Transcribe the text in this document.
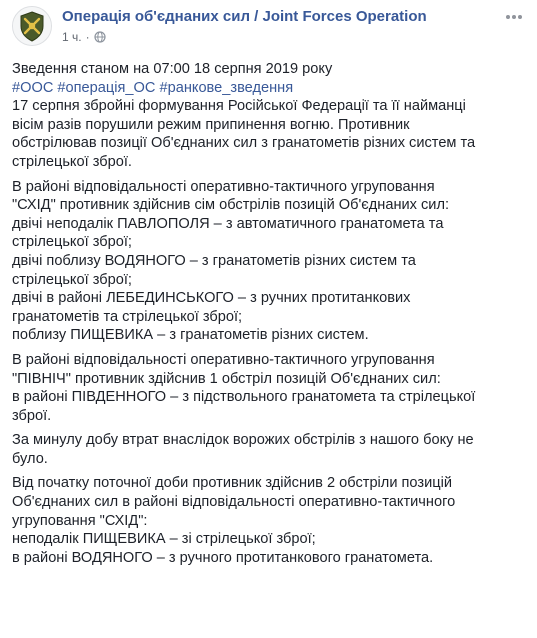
Операція об'єднаних сил / Joint Forces Operation
1 ч. ·
Зведення станом на 07:00 18 серпня 2019 року
#ООС #операція_ОС #ранкове_зведення

17 серпня збройні формування Російської Федерації та її найманці
вісім разів порушили режим припинення вогню. Противник
обстрілював позиції Об'єднаних сил з гранатометів різних систем та
стрілецької зброї.

В районі відповідальності оперативно-тактичного угруповання
"СХІД" противник здійснив сім обстрілів позицій Об'єднаних сил:
двічі неподалік ПАВЛОПОЛЯ – з автоматичного гранатомета та
стрілецької зброї;
двічі поблизу ВОДЯНОГО – з гранатометів різних систем та
стрілецької зброї;
двічі в районі ЛЕБЕДИНСЬКОГО – з ручних протитанкових
гранатометів та стрілецької зброї;
поблизу ПИЩЕВИКА – з гранатометів різних систем.

В районі відповідальності оперативно-тактичного угруповання
"ПІВНІЧ" противник здійснив 1 обстріл позицій Об'єднаних сил:
в районі ПІВДЕННОГО – з підствольного гранатомета та стрілецької
зброї.

За минулу добу втрат внаслідок ворожих обстрілів з нашого боку не
було.

Від початку поточної доби противник здійснив 2 обстріли позицій
Об'єднаних сил в районі відповідальності оперативно-тактичного
угруповання "СХІД":
неподалік ПИЩЕВИКА – зі стрілецької зброї;
в районі ВОДЯНОГО – з ручного протитанкового гранатомета.
